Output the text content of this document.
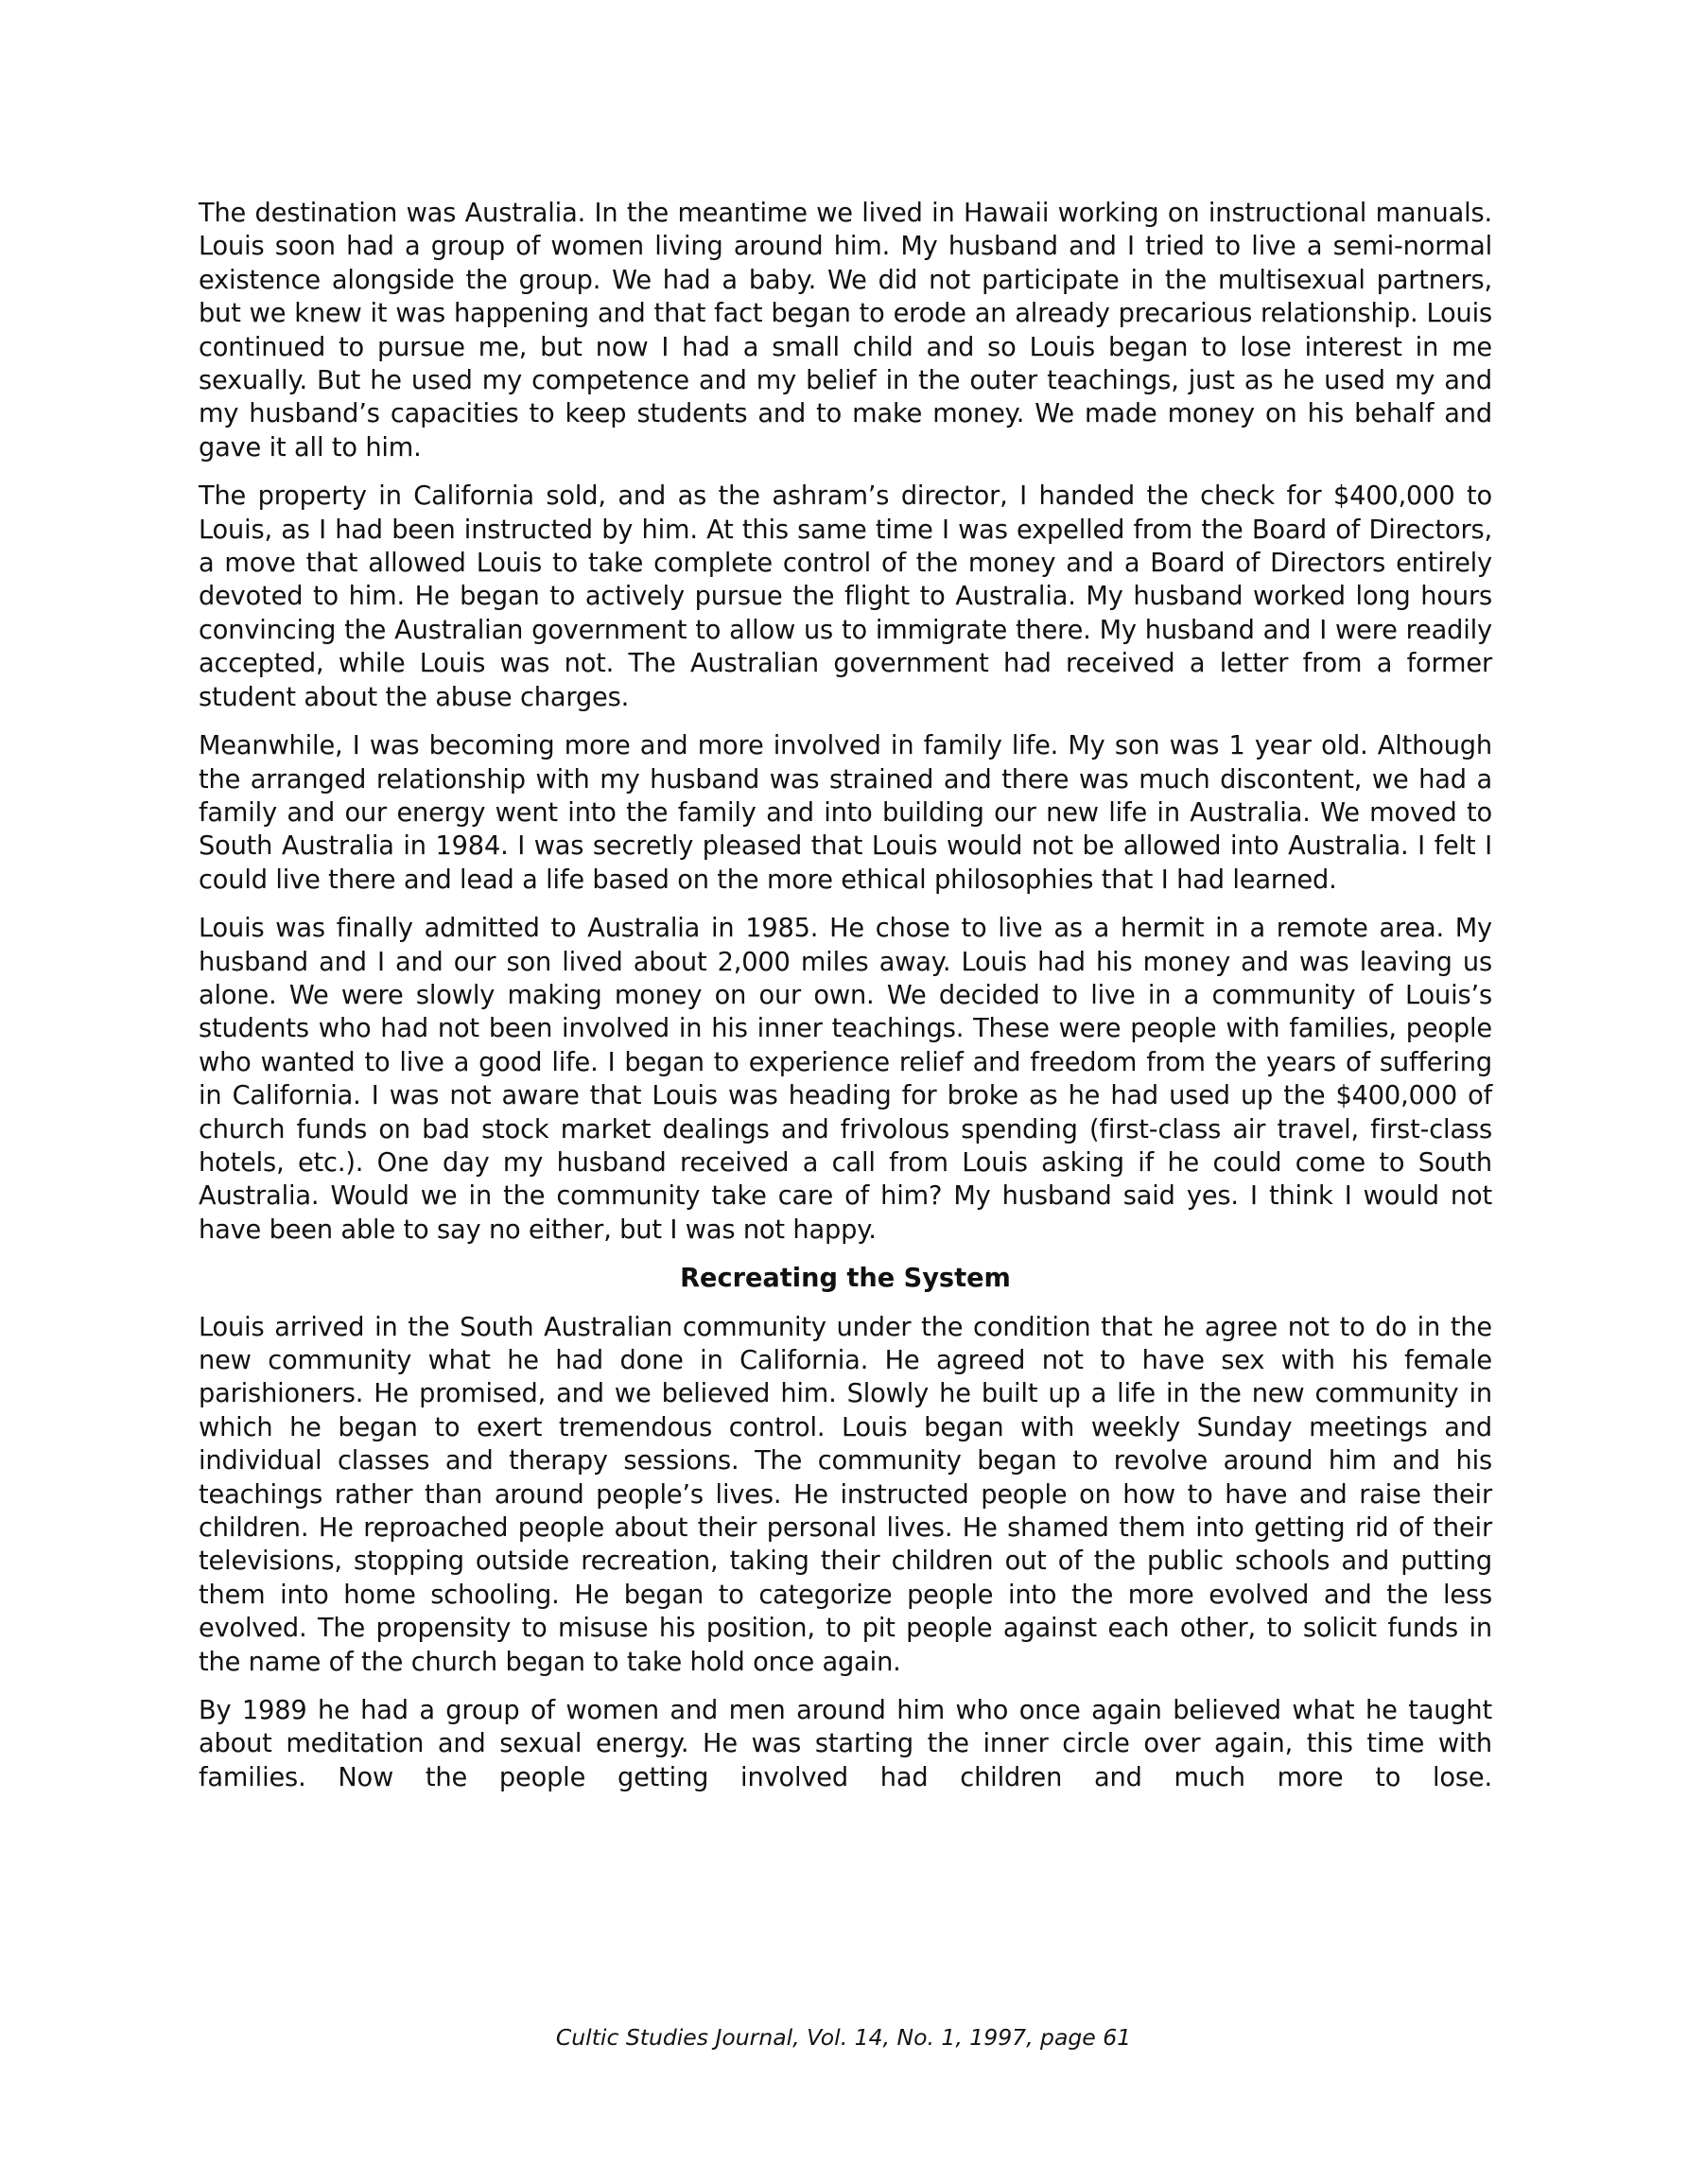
The destination was Australia. In the meantime we lived in Hawaii working on instructional manuals. Louis soon had a group of women living around him. My husband and I tried to live a semi-normal existence alongside the group. We had a baby. We did not participate in the multisexual partners, but we knew it was happening and that fact began to erode an already precarious relationship. Louis continued to pursue me, but now I had a small child and so Louis began to lose interest in me sexually. But he used my competence and my belief in the outer teachings, just as he used my and my husband’s capacities to keep students and to make money. We made money on his behalf and gave it all to him.

The property in California sold, and as the ashram’s director, I handed the check for $400,000 to Louis, as I had been instructed by him. At this same time I was expelled from the Board of Directors, a move that allowed Louis to take complete control of the money and a Board of Directors entirely devoted to him. He began to actively pursue the flight to Australia. My husband worked long hours convincing the Australian government to allow us to immigrate there. My husband and I were readily accepted, while Louis was not. The Australian government had received a letter from a former student about the abuse charges.

Meanwhile, I was becoming more and more involved in family life. My son was 1 year old. Although the arranged relationship with my husband was strained and there was much discontent, we had a family and our energy went into the family and into building our new life in Australia. We moved to South Australia in 1984. I was secretly pleased that Louis would not be allowed into Australia. I felt I could live there and lead a life based on the more ethical philosophies that I had learned.

Louis was finally admitted to Australia in 1985. He chose to live as a hermit in a remote area. My husband and I and our son lived about 2,000 miles away. Louis had his money and was leaving us alone. We were slowly making money on our own. We decided to live in a community of Louis’s students who had not been involved in his inner teachings. These were people with families, people who wanted to live a good life. I began to experience relief and freedom from the years of suffering in California. I was not aware that Louis was heading for broke as he had used up the $400,000 of church funds on bad stock market dealings and frivolous spending (first-class air travel, first-class hotels, etc.). One day my husband received a call from Louis asking if he could come to South Australia. Would we in the community take care of him? My husband said yes. I think I would not have been able to say no either, but I was not happy.

Recreating the System

Louis arrived in the South Australian community under the condition that he agree not to do in the new community what he had done in California. He agreed not to have sex with his female parishioners. He promised, and we believed him. Slowly he built up a life in the new community in which he began to exert tremendous control. Louis began with weekly Sunday meetings and individual classes and therapy sessions. The community began to revolve around him and his teachings rather than around people’s lives. He instructed people on how to have and raise their children. He reproached people about their personal lives. He shamed them into getting rid of their televisions, stopping outside recreation, taking their children out of the public schools and putting them into home schooling. He began to categorize people into the more evolved and the less evolved. The propensity to misuse his position, to pit people against each other, to solicit funds in the name of the church began to take hold once again.

By 1989 he had a group of women and men around him who once again believed what he taught about meditation and sexual energy. He was starting the inner circle over again, this time with families. Now the people getting involved had children and much more to lose.

Cultic Studies Journal, Vol. 14, No. 1, 1997, page 61
